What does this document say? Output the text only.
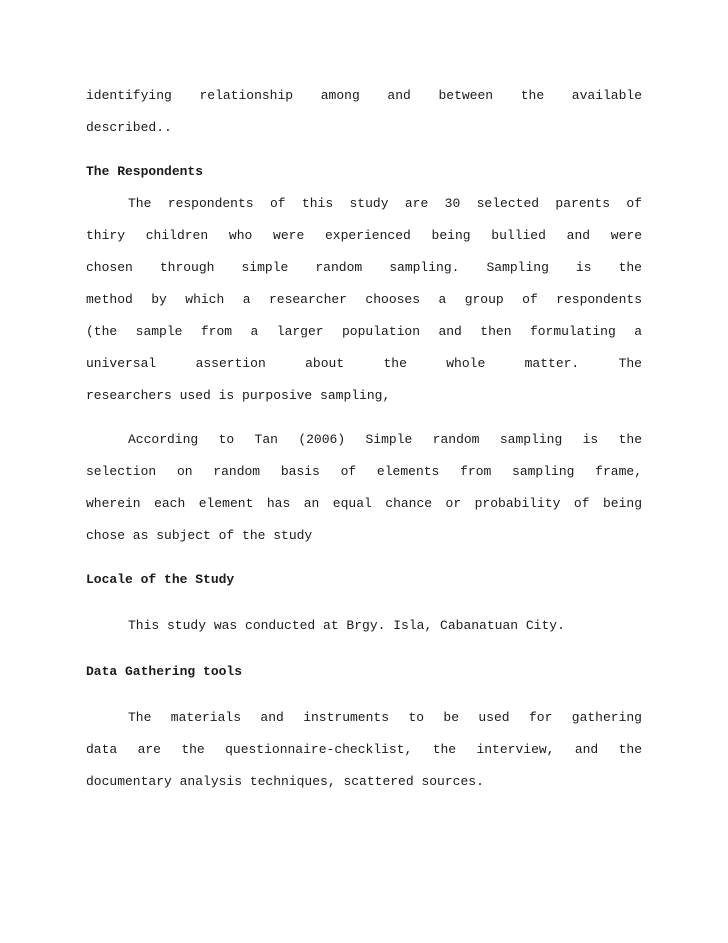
identifying relationship among and between the available
described..
The Respondents
The respondents of this study are 30 selected parents of
thiry children who were experienced being bullied and were
chosen through simple random sampling. Sampling is the
method by which a researcher chooses a group of respondents
(the sample from a larger population and then formulating a
universal assertion about the whole matter. The
researchers used is purposive sampling,
According to Tan (2006) Simple random sampling is the
selection on random basis of elements from sampling frame,
wherein each element has an equal chance or probability of being
chose as subject of the study
Locale of the Study
This study was conducted at Brgy. Isla, Cabanatuan City.
Data Gathering tools
The materials and instruments to be used for gathering
data are the questionnaire-checklist, the interview, and the
documentary analysis techniques, scattered sources.
